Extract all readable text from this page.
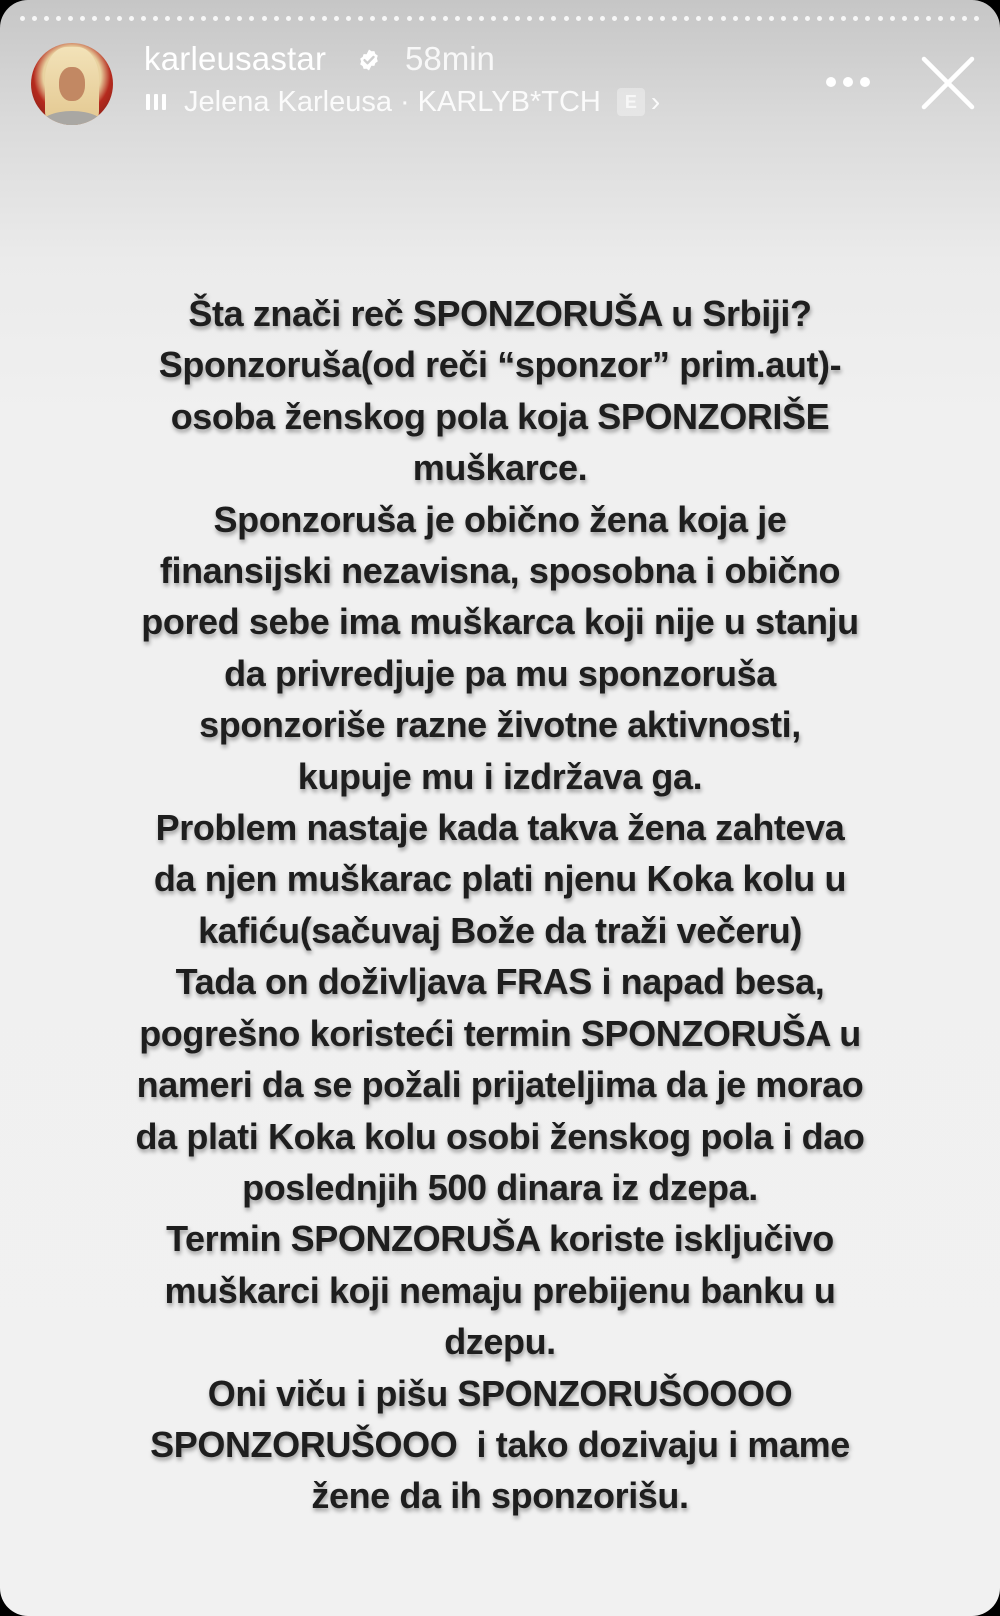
karleusastar 58min
Jelena Karleusa · KARLYB*TCH	E ›
Šta znači reč SPONZORUŠA u Srbiji?
Sponzoruša(od reči “sponzor” prim.aut)-
osoba ženskog pola koja SPONZORIŠE
muškarce.
Sponzoruša je obično žena koja je
finansijski nezavisna, sposobna i obično
pored sebe ima muškarca koji nije u stanju
da privredjuje pa mu sponzoruša
sponzoriše razne životne aktivnosti,
kupuje mu i izdržava ga.
Problem nastaje kada takva žena zahteva
da njen muškarac plati njenu Koka kolu u
kafiću(sačuvaj Bože da traži večeru)
Tada on doživljava FRAS i napad besa,
pogrešno koristeći termin SPONZORUŠA u
nameri da se požali prijateljima da je morao
da plati Koka kolu osobi ženskog pola i dao
poslednjih 500 dinara iz dzepa.
Termin SPONZORUŠA koriste isključivo
muškarci koji nemaju prebijenu banku u
dzepu.
Oni viču i pišu SPONZORUŠOOOO
SPONZORUŠOOO  i tako dozivaju i mame
žene da ih sponzorišu.
